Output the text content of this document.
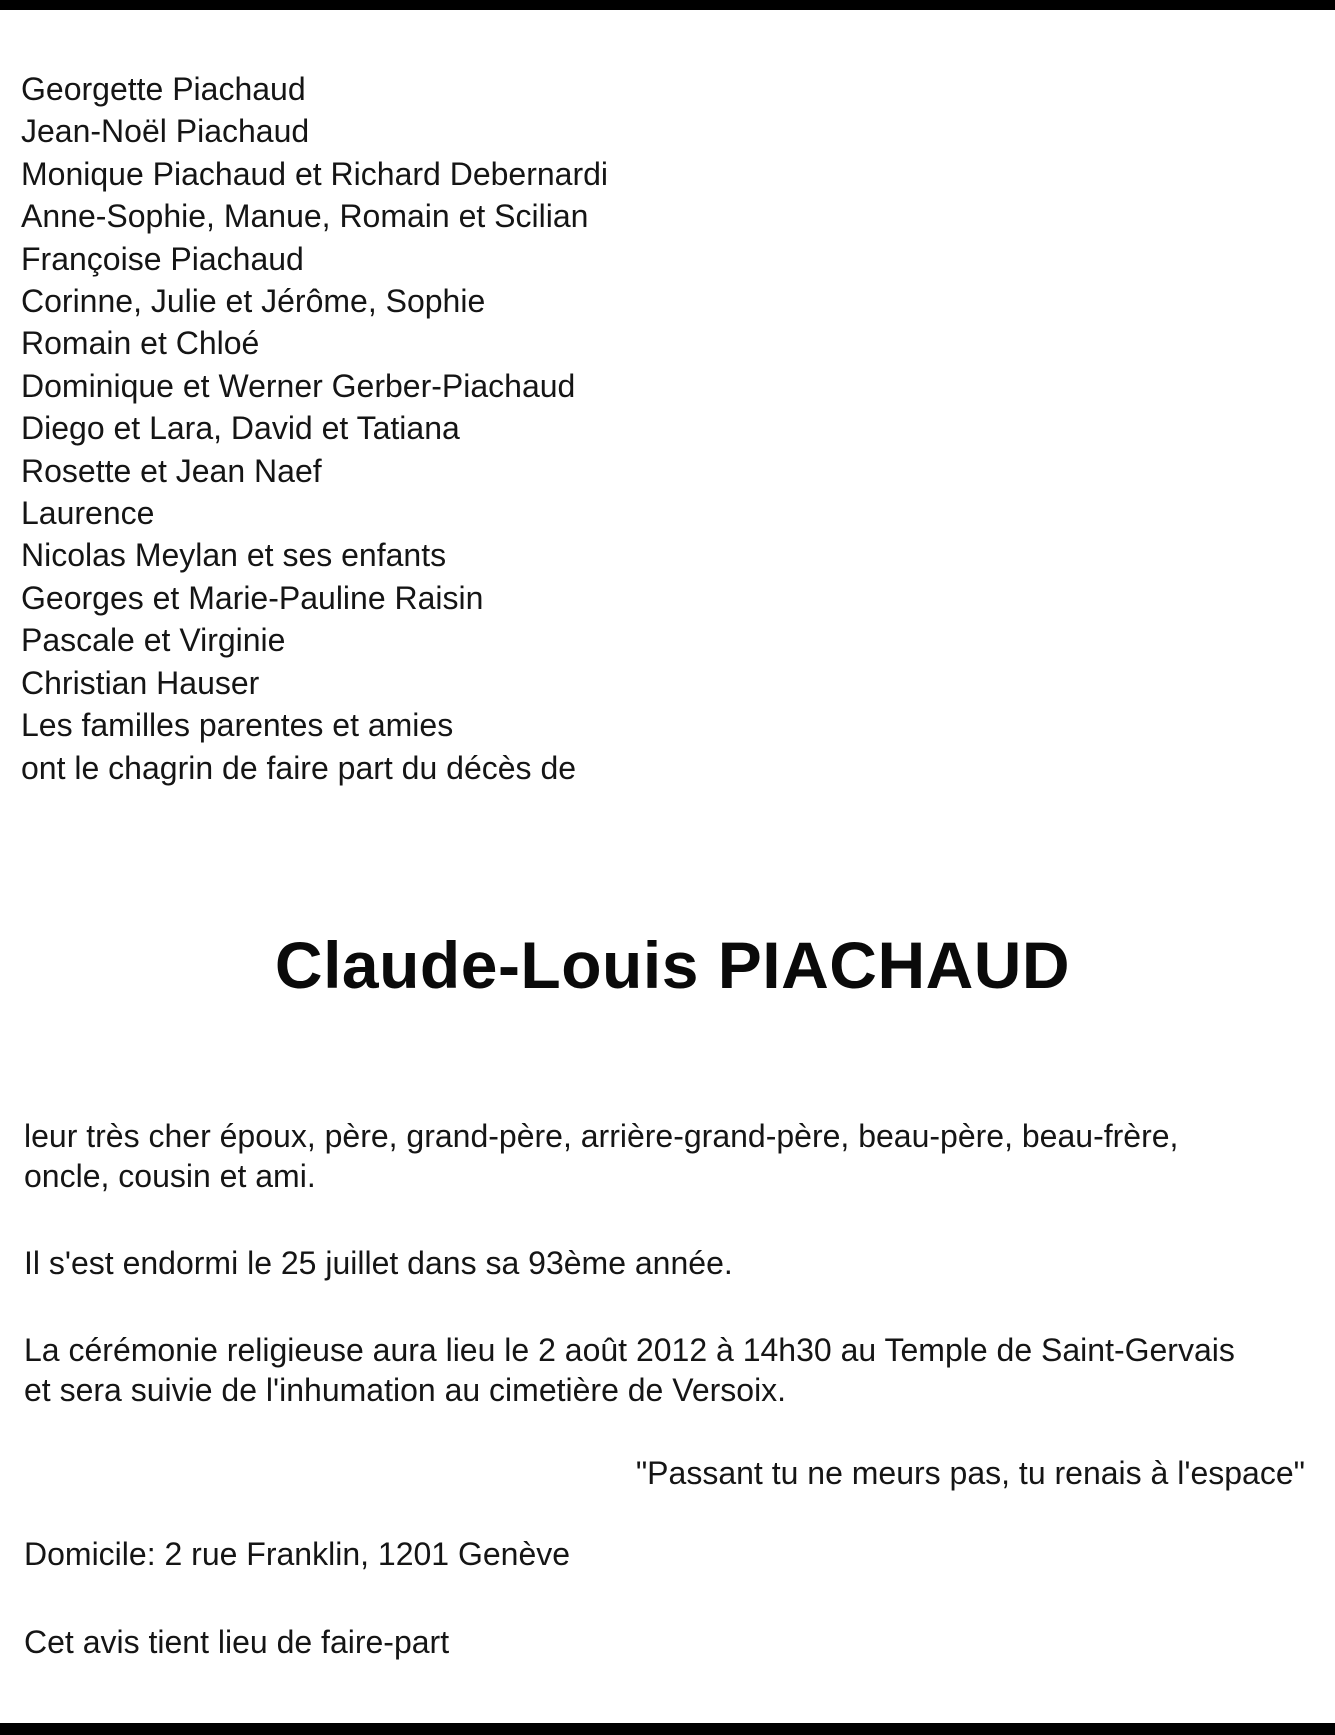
Georgette Piachaud
Jean-Noël Piachaud
Monique Piachaud et Richard Debernardi
Anne-Sophie, Manue, Romain et Scilian
Françoise Piachaud
Corinne, Julie et Jérôme, Sophie
Romain et Chloé
Dominique et Werner Gerber-Piachaud
Diego et Lara, David et Tatiana
Rosette et Jean Naef
Laurence
Nicolas Meylan et ses enfants
Georges et Marie-Pauline Raisin
Pascale et Virginie
Christian Hauser
Les familles parentes et amies
ont le chagrin de faire part du décès de
Claude-Louis PIACHAUD

leur très cher époux, père, grand-père, arrière-grand-père, beau-père, beau-frère,
oncle, cousin et ami.

Il s'est endormi le 25 juillet dans sa 93ème année.

La cérémonie religieuse aura lieu le 2 août 2012 à 14h30 au Temple de Saint-Gervais
et sera suivie de l'inhumation au cimetière de Versoix.

"Passant tu ne meurs pas, tu renais à l'espace"

Domicile: 2 rue Franklin, 1201 Genève

Cet avis tient lieu de faire-part
